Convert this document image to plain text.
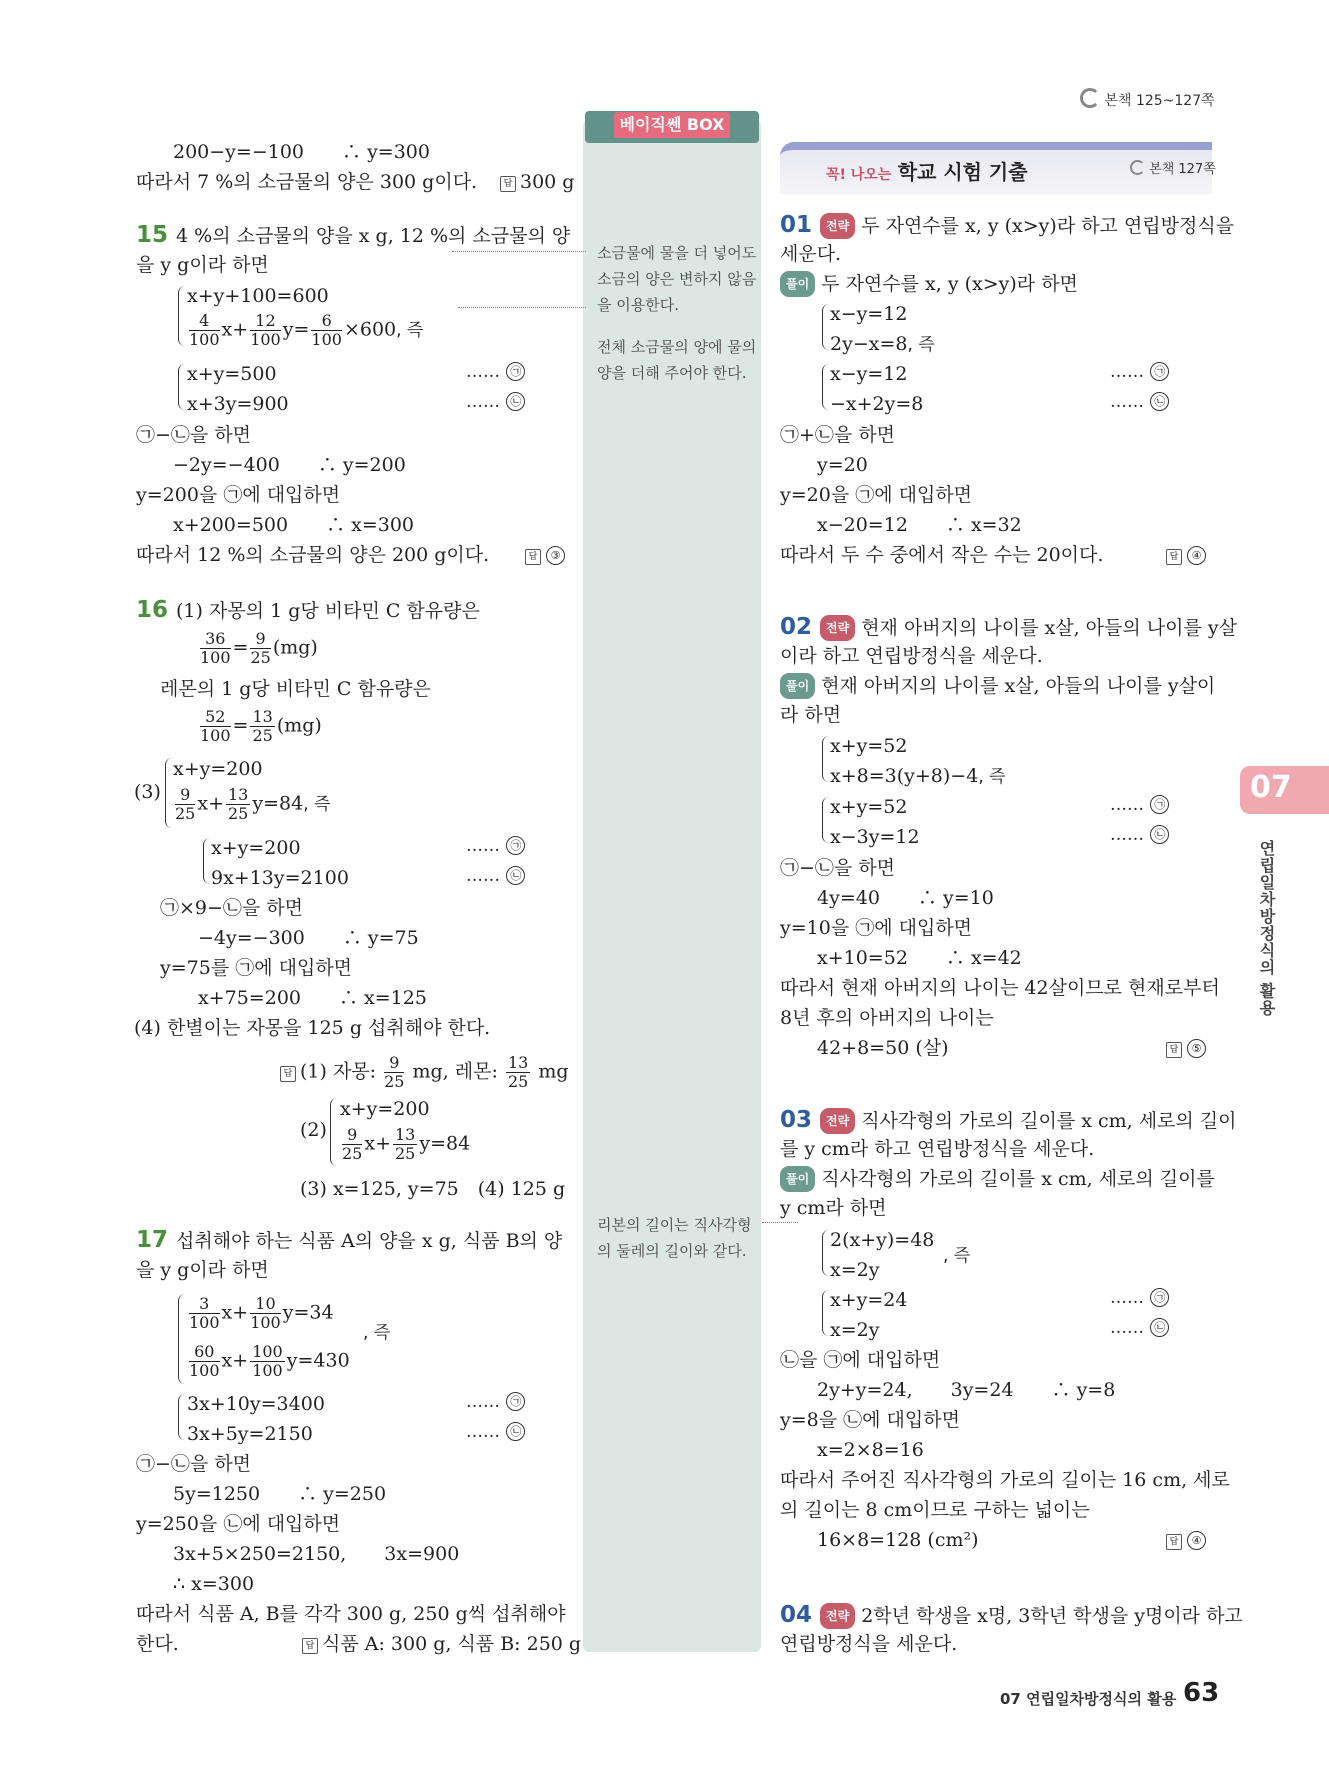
본책 125~127쪽
베이직쎈 BOX
소금물에 물을 더 넣어도 소금의 양은 변하지 않음을 이용한다.
전체 소금물의 양에 물의 양을 더해 주어야 한다.
리본의 길이는 직사각형의 둘레의 길이와 같다.
꼭! 나오는 학교 시험 기출	본책 127쪽
200−y=−100　　∴ y=300
따라서 7 %의 소금물의 양은 300 g이다.	답 300 g
15 4 %의 소금물의 양을 x g, 12 %의 소금물의 양
을 y g이라 하면
x+y+100=600
$\frac{4}{100} x+ \frac{12}{100} y= \frac{6}{100} \times 600$, 즉
x+y=500
x+3y=900
…… ㉠
…… ㉡
㉠−㉡을 하면
−2y=−400　　∴ y=200
y=200을 ㉠에 대입하면
x+200=500　　∴ x=300
따라서 12 %의 소금물의 양은 200 g이다.	답 ③
16 (1) 자몽의 1 g당 비타민 C 함유량은
$\frac{36}{100} = \frac{9}{25} (mg)$
레몬의 1 g당 비타민 C 함유량은
$\frac{52}{100} = \frac{13}{25} (mg)$
(3)
x+y=200
$\frac{9}{25} x+ \frac{13}{25} y=84$, 즉
x+y=200
9x+13y=2100
…… ㉠
…… ㉡
㉠×9−㉡을 하면
−4y=−300　　∴ y=75
y=75를 ㉠에 대입하면
x+75=200　　∴ x=125
(4) 한별이는 자몽을 125 g 섭취해야 한다.
답 (1) 자몽: $\frac{9}{25}$ mg, 레몬: $\frac{13}{25}$ mg
(2)
x+y=200
$\frac{9}{25} x+ \frac{13}{25} y=84$
(3) x=125, y=75　(4) 125 g
17 섭취해야 하는 식품 A의 양을 x g, 식품 B의 양
을 y g이라 하면
$\frac{3}{100} x+ \frac{10}{100} y=34$
, 즉
$\frac{60}{100} x+ \frac{100}{100} y=430$
3x+10y=3400
3x+5y=2150
…… ㉠
…… ㉡
㉠−㉡을 하면
5y=1250　　∴ y=250
y=250을 ㉡에 대입하면
3x+5×250=2150,　　3x=900
∴ x=300
따라서 식품 A, B를 각각 300 g, 250 g씩 섭취해야
한다.	답 식품 A: 300 g, 식품 B: 250 g
01 전략 두 자연수를 x, y (x>y)라 하고 연립방정식을
세운다.
풀이 두 자연수를 x, y (x>y)라 하면
x−y=12
2y−x=8, 즉
x−y=12
−x+2y=8
…… ㉠
…… ㉡
㉠+㉡을 하면
y=20
y=20을 ㉠에 대입하면
x−20=12　　∴ x=32
따라서 두 수 중에서 작은 수는 20이다.	답 ④
02 전략 현재 아버지의 나이를 x살, 아들의 나이를 y살
이라 하고 연립방정식을 세운다.
풀이 현재 아버지의 나이를 x살, 아들의 나이를 y살이
라 하면
x+y=52
x+8=3(y+8)−4, 즉
x+y=52
x−3y=12
…… ㉠
…… ㉡
㉠−㉡을 하면
4y=40　　∴ y=10
y=10을 ㉠에 대입하면
x+10=52　　∴ x=42
따라서 현재 아버지의 나이는 42살이므로 현재로부터
8년 후의 아버지의 나이는
42+8=50 (살)	답 ⑤
03 전략 직사각형의 가로의 길이를 x cm, 세로의 길이
를 y cm라 하고 연립방정식을 세운다.
풀이 직사각형의 가로의 길이를 x cm, 세로의 길이를
y cm라 하면
2(x+y)=48
x=2y
, 즉
x+y=24
x=2y
…… ㉠
…… ㉡
㉡을 ㉠에 대입하면
2y+y=24,　　3y=24　　∴ y=8
y=8을 ㉡에 대입하면
x=2×8=16
따라서 주어진 직사각형의 가로의 길이는 16 cm, 세로
의 길이는 8 cm이므로 구하는 넓이는
16×8=128 (cm²)	답 ④
04 전략 2학년 학생을 x명, 3학년 학생을 y명이라 하고
연립방정식을 세운다.
07
연립일차방정식의 활용
07 연립일차방정식의 활용 63
